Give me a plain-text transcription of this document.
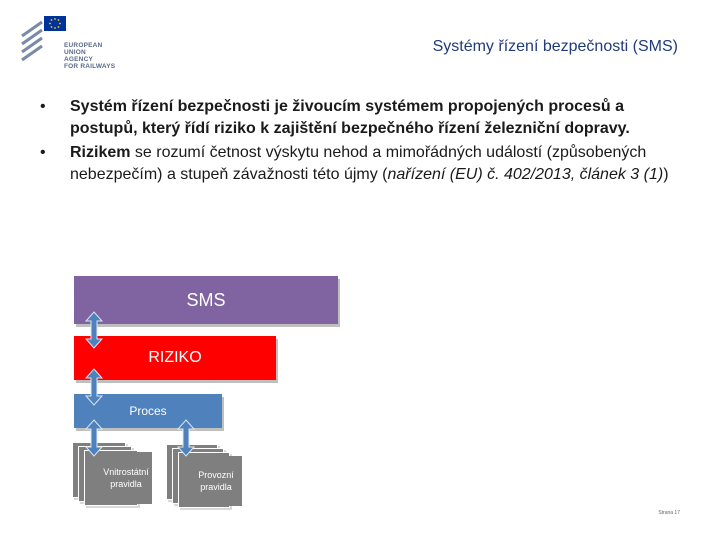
EUROPEAN
UNION
AGENCY
FOR RAILWAYS
Systémy řízení bezpečnosti (SMS)
•	Systém řízení bezpečnosti je živoucím systémem propojených procesů a postupů, který řídí riziko k zajištění bezpečného řízení železniční dopravy.
•	Rizikem se rozumí četnost výskytu nehod a mimořádných událostí (způsobených nebezpečím) a stupeň závažnosti této újmy (nařízení (EU) č. 402/2013, článek 3 (1))
SMS
RIZIKO
Proces
Vnitrostátní pravidla
Provozní pravidla
Strana 17
